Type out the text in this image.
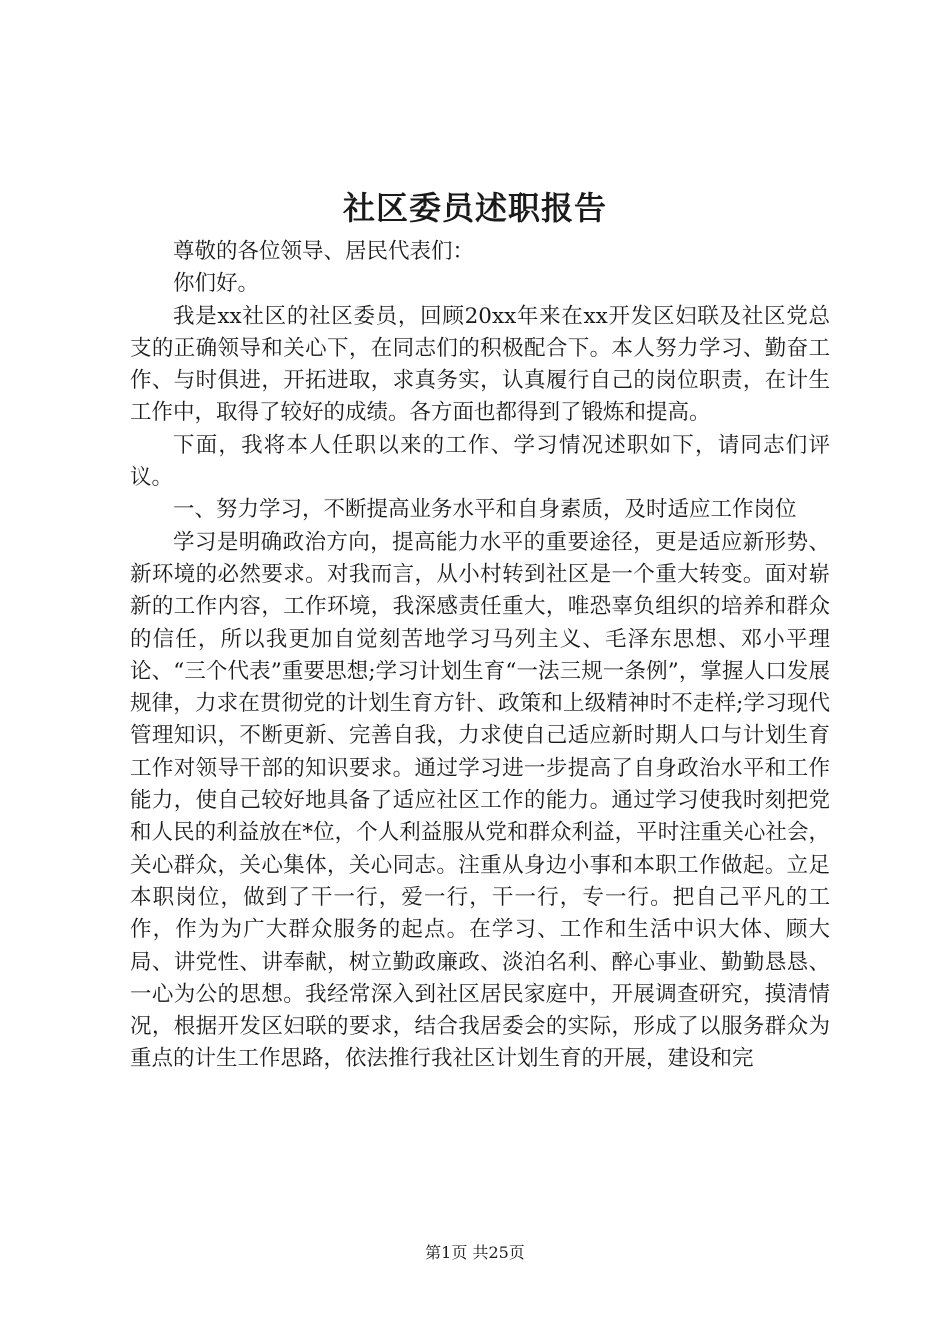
社区委员述职报告

尊敬的各位领导、居民代表们：

你们好。

我是xx社区的社区委员，回顾20xx年来在xx开发区妇联及社区党总支的正确领导和关心下，在同志们的积极配合下。本人努力学习、勤奋工作、与时俱进，开拓进取，求真务实，认真履行自己的岗位职责，在计生工作中，取得了较好的成绩。各方面也都得到了锻炼和提高。

下面，我将本人任职以来的工作、学习情况述职如下，请同志们评议。

一、努力学习，不断提高业务水平和自身素质，及时适应工作岗位

学习是明确政治方向，提高能力水平的重要途径，更是适应新形势、新环境的必然要求。对我而言，从小村转到社区是一个重大转变。面对崭新的工作内容，工作环境，我深感责任重大，唯恐辜负组织的培养和群众的信任，所以我更加自觉刻苦地学习马列主义、毛泽东思想、邓小平理论、“三个代表”重要思想;学习计划生育“一法三规一条例”，掌握人口发展规律，力求在贯彻党的计划生育方针、政策和上级精神时不走样;学习现代管理知识，不断更新、完善自我，力求使自己适应新时期人口与计划生育工作对领导干部的知识要求。通过学习进一步提高了自身政治水平和工作能力，使自己较好地具备了适应社区工作的能力。通过学习使我时刻把党和人民的利益放在*位，个人利益服从党和群众利益，平时注重关心社会，关心群众，关心集体，关心同志。注重从身边小事和本职工作做起。立足本职岗位，做到了干一行，爱一行，干一行，专一行。把自己平凡的工作，作为为广大群众服务的起点。在学习、工作和生活中识大体、顾大局、讲党性、讲奉献，树立勤政廉政、淡泊名利、醉心事业、勤勤恳恳、一心为公的思想。我经常深入到社区居民家庭中，开展调查研究，摸清情况，根据开发区妇联的要求，结合我居委会的实际，形成了以服务群众为重点的计生工作思路，依法推行我社区计划生育的开展，建设和完

第1页 共25页
